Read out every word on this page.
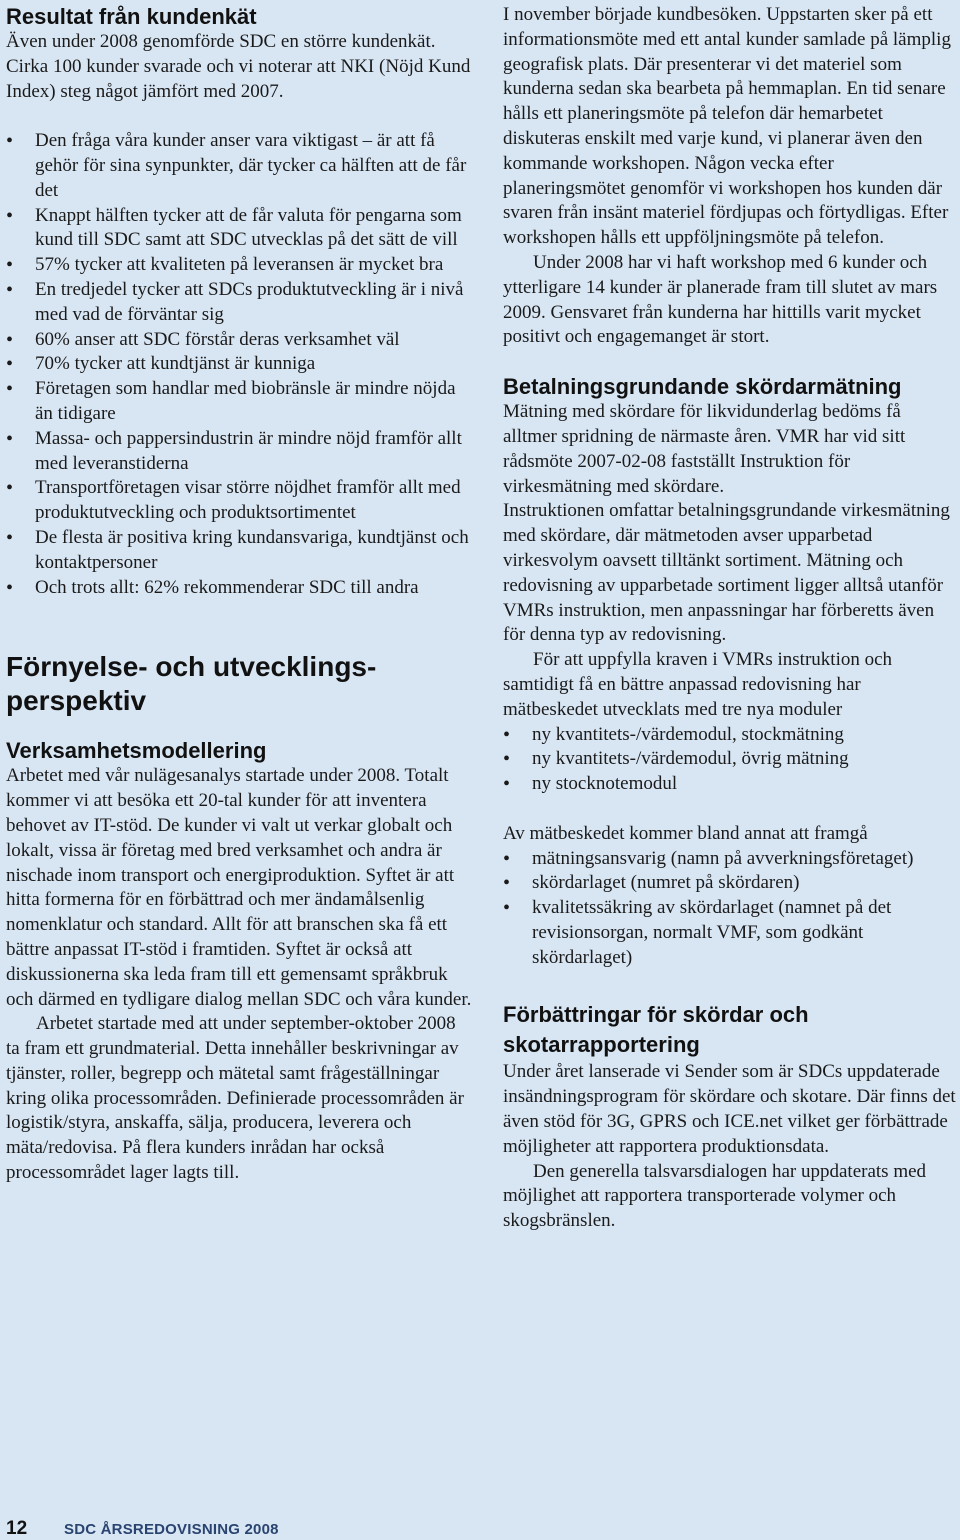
Resultat från kundenkät

Även under 2008 genomförde SDC en större kundenkät. Cirka 100 kunder svarade och vi noterar att NKI (Nöjd Kund Index) steg något jämfört med 2007.

• Den fråga våra kunder anser vara viktigast – är att få gehör för sina synpunkter, där tycker ca hälften att de får det
• Knappt hälften tycker att de får valuta för pengarna som kund till SDC samt att SDC utvecklas på det sätt de vill
• 57% tycker att kvaliteten på leveransen är mycket bra
• En tredjedel tycker att SDCs produktutveckling är i nivå med vad de förväntar sig
• 60% anser att SDC förstår deras verksamhet väl
• 70% tycker att kundtjänst är kunniga
• Företagen som handlar med biobränsle är mindre nöjda än tidigare
• Massa- och pappersindustrin är mindre nöjd framför allt med leveranstiderna
• Transportföretagen visar större nöjdhet framför allt med produktutveckling och produktsortimentet
• De flesta är positiva kring kundansvariga, kundtjänst och kontaktpersoner
• Och trots allt: 62% rekommenderar SDC till andra
Förnyelse- och utvecklings-
perspektiv
Verksamhetsmodellering

Arbetet med vår nulägesanalys startade under 2008. Totalt kommer vi att besöka ett 20-tal kunder för att inventera behovet av IT-stöd. De kunder vi valt ut verkar globalt och lokalt, vissa är företag med bred verksamhet och andra är nischade inom transport och energiproduktion. Syftet är att hitta formerna för en förbättrad och mer ändamålsenlig nomenklatur och standard. Allt för att branschen ska få ett bättre anpassat IT-stöd i framtiden. Syftet är också att diskussionerna ska leda fram till ett gemensamt språkbruk och därmed en tydligare dialog mellan SDC och våra kunder.

Arbetet startade med att under september-oktober 2008 ta fram ett grundmaterial. Detta innehåller beskrivningar av tjänster, roller, begrepp och mätetal samt frågeställningar kring olika processområden. Definierade processområden är logistik/styra, anskaffa, sälja, producera, leverera och mäta/redovisa. På flera kunders inrådan har också processområdet lager lagts till.

I november började kundbesöken. Uppstarten sker på ett informationsmöte med ett antal kunder samlade på lämplig geografisk plats. Där presenterar vi det materiel som kunderna sedan ska bearbeta på hemmaplan. En tid senare hålls ett planeringsmöte på telefon där hemarbetet diskuteras enskilt med varje kund, vi planerar även den kommande workshopen. Någon vecka efter planeringsmötet genomför vi workshopen hos kunden där svaren från insänt materiel fördjupas och förtydligas. Efter workshopen hålls ett uppföljningsmöte på telefon.

Under 2008 har vi haft workshop med 6 kunder och ytterligare 14 kunder är planerade fram till slutet av mars 2009. Gensvaret från kunderna har hittills varit mycket positivt och engagemanget är stort.

Betalningsgrundande skördarmätning

Mätning med skördare för likvidunderlag bedöms få alltmer spridning de närmaste åren. VMR har vid sitt rådsmöte 2007-02-08 fastställt Instruktion för virkesmätning med skördare.

Instruktionen omfattar betalningsgrundande virkesmätning med skördare, där mätmetoden avser upparbetad virkesvolym oavsett tilltänkt sortiment. Mätning och redovisning av upparbetade sortiment ligger alltså utanför VMRs instruktion, men anpassningar har förberetts även för denna typ av redovisning.

För att uppfylla kraven i VMRs instruktion och samtidigt få en bättre anpassad redovisning har mätbeskedet utvecklats med tre nya moduler

• ny kvantitets-/värdemodul, stockmätning
• ny kvantitets-/värdemodul, övrig mätning
• ny stocknotemodul

Av mätbeskedet kommer bland annat att framgå

• mätningsansvarig (namn på avverkningsföretaget)
• skördarlaget (numret på skördaren)
• kvalitetssäkring av skördarlaget (namnet på det revisionsorgan, normalt VMF, som godkänt skördarlaget)
Förbättringar för skördar och
skotarrapportering

Under året lanserade vi Sender som är SDCs uppdaterade insändningsprogram för skördare och skotare. Där finns det även stöd för 3G, GPRS och ICE.net vilket ger förbättrade möjligheter att rapportera produktionsdata.

Den generella talsvarsdialogen har uppdaterats med möjlighet att rapportera transporterade volymer och skogsbränslen.

12	SDC ÅRSREDOVISNING 2008
